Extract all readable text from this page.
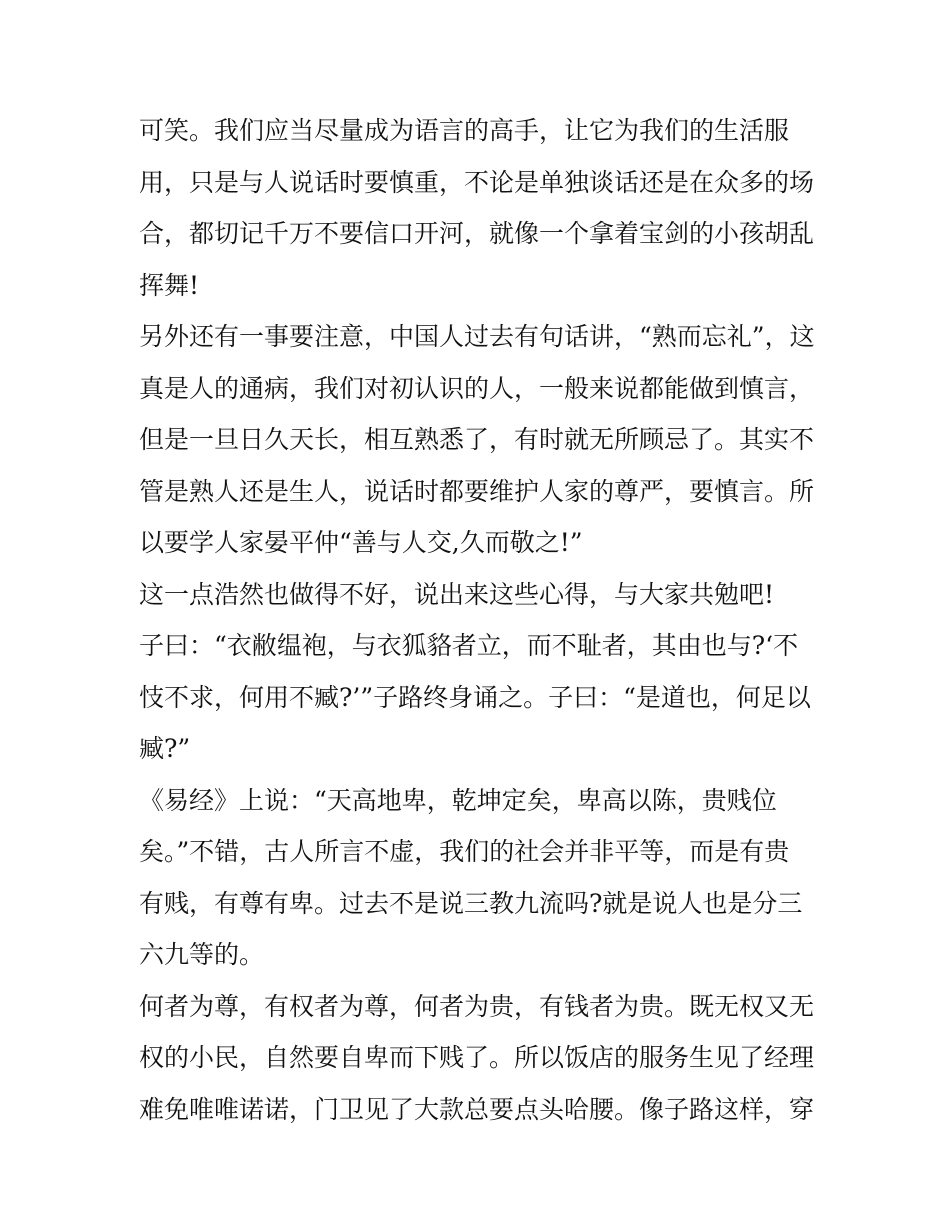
可笑。我们应当尽量成为语言的高手，让它为我们的生活服
用，只是与人说话时要慎重，不论是单独谈话还是在众多的场
合，都切记千万不要信口开河，就像一个拿着宝剑的小孩胡乱
挥舞!
另外还有一事要注意，中国人过去有句话讲，“熟而忘礼”，这
真是人的通病，我们对初认识的人，一般来说都能做到慎言，
但是一旦日久天长，相互熟悉了，有时就无所顾忌了。其实不
管是熟人还是生人，说话时都要维护人家的尊严，要慎言。所
以要学人家晏平仲“善与人交,久而敬之!”
这一点浩然也做得不好，说出来这些心得，与大家共勉吧!
子曰：“衣敝缊袍，与衣狐貉者立，而不耻者，其由也与?‘不
忮不求，何用不臧?’”子路终身诵之。子曰：“是道也，何足以
臧?”
《易经》上说：“天高地卑，乾坤定矣，卑高以陈，贵贱位
矣。”不错，古人所言不虚，我们的社会并非平等，而是有贵
有贱，有尊有卑。过去不是说三教九流吗?就是说人也是分三
六九等的。
何者为尊，有权者为尊，何者为贵，有钱者为贵。既无权又无
权的小民，自然要自卑而下贱了。所以饭店的服务生见了经理
难免唯唯诺诺，门卫见了大款总要点头哈腰。像子路这样，穿
